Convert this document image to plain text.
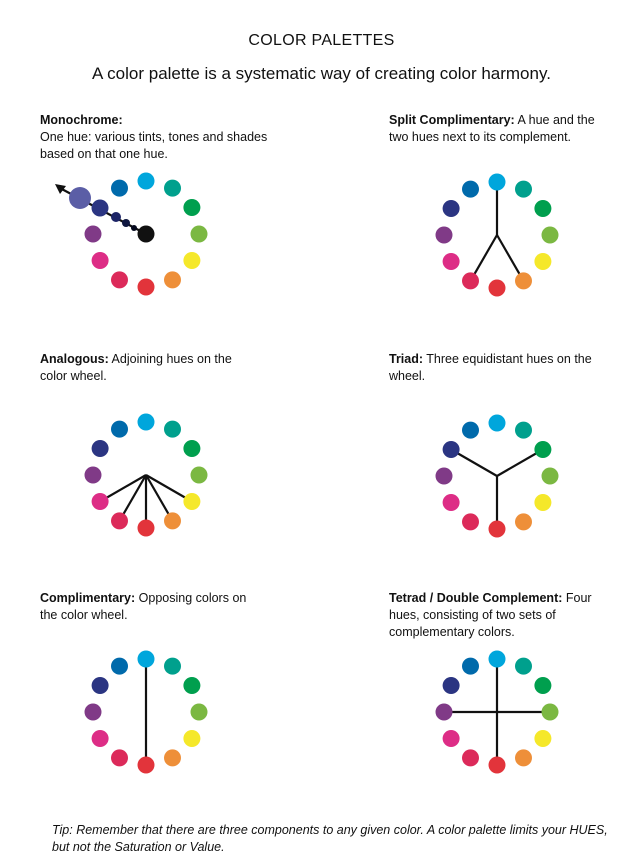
COLOR PALETTES
A color palette is a systematic way of creating color harmony.
Monochrome:
One hue: various tints, tones and shades based on that one hue.
Split Complimentary: A hue and the two hues next to its complement.
Analogous: Adjoining hues on the color wheel.
Triad: Three equidistant hues on the wheel.
Complimentary: Opposing colors on the color wheel.
Tetrad / Double Complement: Four hues, consisting of two sets of complementary colors.
Tip: Remember that there are three components to any given color. A color palette limits your HUES, but not the Saturation or Value.
